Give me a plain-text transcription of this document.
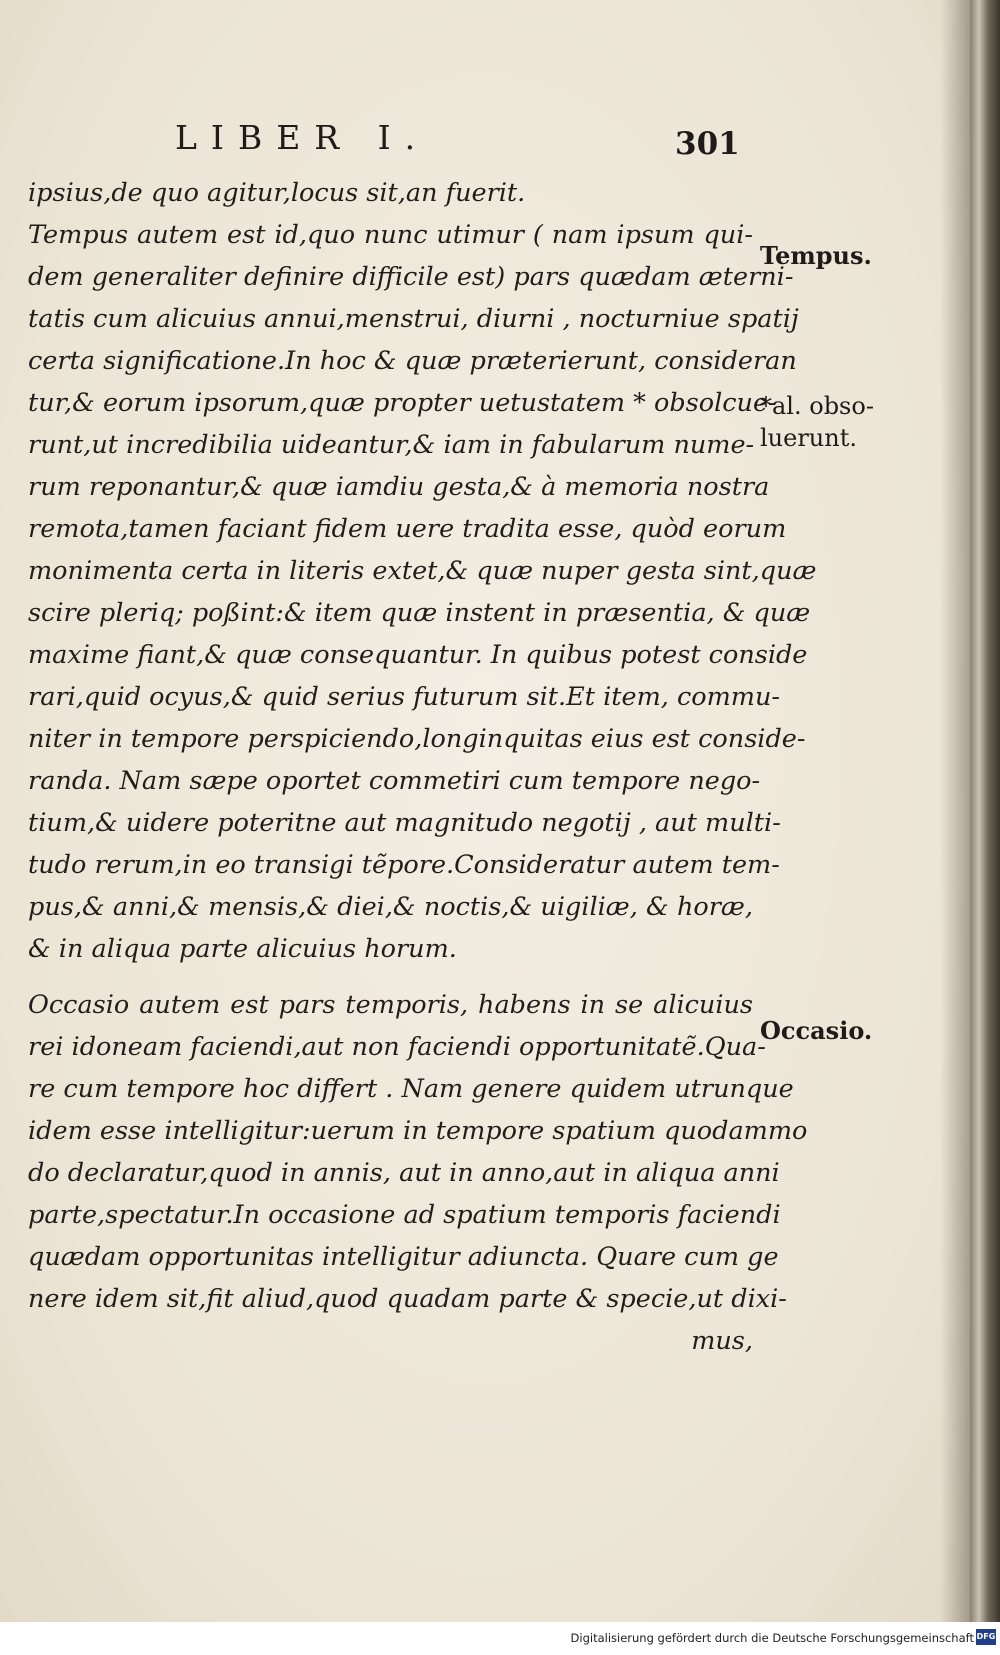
LIBER I.	301
ipsius,de quo agitur,locus sit,an fuerit.
Tempus autem est id,quo nunc utimur ( nam ipsum qui-
dem generaliter definire difficile est) pars quædam æterni-
tatis cum alicuius annui,menstrui, diurni , nocturniue spatij
certa significatione.In hoc & quæ præterierunt, consideran
tur,& eorum ipsorum,quæ propter uetustatem * obsolcue-
runt,ut incredibilia uideantur,& iam in fabularum nume-
rum reponantur,& quæ iamdiu gesta,& à memoria nostra
remota,tamen faciant fidem uere tradita esse, quòd eorum
monimenta certa in literis extet,& quæ nuper gesta sint,quæ
scire pleriq; poßint:& item quæ instent in præsentia, & quæ
maxime fiant,& quæ consequantur. In quibus potest conside
rari,quid ocyus,& quid serius futurum sit.Et item, commu-
niter in tempore perspiciendo,longinquitas eius est conside-
randa. Nam sæpe oportet commetiri cum tempore nego-
tium,& uidere poteritne aut magnitudo negotij , aut multi-
tudo rerum,in eo transigi tẽpore.Consideratur autem tem-
pus,& anni,& mensis,& diei,& noctis,& uigiliæ, & horæ,
& in aliqua parte alicuius horum.
Occasio autem est pars temporis, habens in se alicuius
rei idoneam faciendi,aut non faciendi opportunitatẽ.Qua-
re cum tempore hoc differt . Nam genere quidem utrunque
idem esse intelligitur:uerum in tempore spatium quodammo
do declaratur,quod in annis, aut in anno,aut in aliqua anni
parte,spectatur.In occasione ad spatium temporis faciendi
quædam opportunitas intelligitur adiuncta. Quare cum ge
nere idem sit,fit aliud,quod quadam parte & specie,ut dixi-
mus,
Tempus.
*al. obso-
luerunt.
Occasio.
Digitalisierung gefördert durch die Deutsche Forschungsgemeinschaft DFG
